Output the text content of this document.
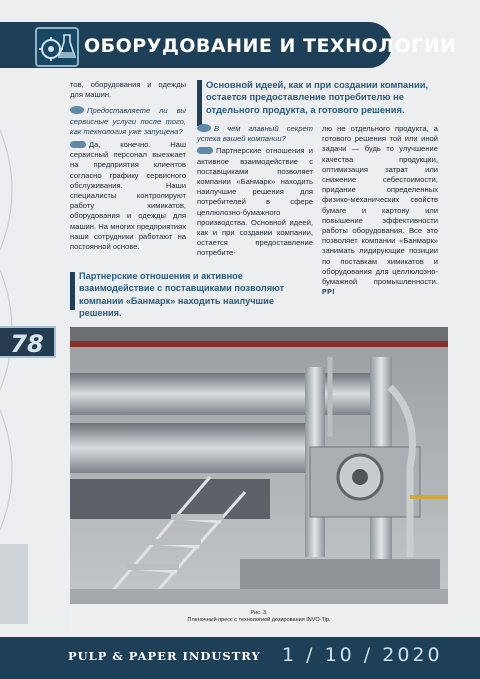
ОБОРУДОВАНИЕ И ТЕХНОЛОГИИ
78

тов, оборудования и одежды для машин.

Предоставляете ли вы сервисные услуги после того, как технология уже запущена?

Да, конечно. Наш сервисный персонал выезжает на предприятия клиентов согласно графику сервисного обслуживания. Наши специалисты контролируют работу химикатов, оборудования и одежды для машин. На многих предприятиях наши сотрудники работают на постоянной основе.

Основной идеей, как и при создании компании, остается предоставление потребителю не отдельного продукта, а готового решения.

В чем главный секрет успеха вашей компании?

Партнерские отношения и активное взаимодействие с поставщиками позволяет компании «Банмарк» находить наилучшие решения для потребителей в сфере целлюлозно-бумажного производства. Основной идеей, как и при создании компании, остается предоставление потребите-

лю не отдельного продукта, а готового решения той или иной задачи — будь то улучшение качества продукции, оптимизация затрат или снижение себестоимости, приданиe определенных физико-механических свойств бумаге и картону или повышение эффективности работы оборудования. Все это позволяет компании «Банмарк» занимать лидирующие позиции по поставкам химикатов и оборудования для целлюлозно-бумажной промышленности. PPI

Партнерские отношения и активное взаимодействие с поставщиками позволяют компании «Банмарк» находить наилучшие решения.
Рис. 3.
Пленочный пресс с технологией дозирования INVO-Tip.
PULP & PAPER INDUSTRY 1 / 10 / 2020
